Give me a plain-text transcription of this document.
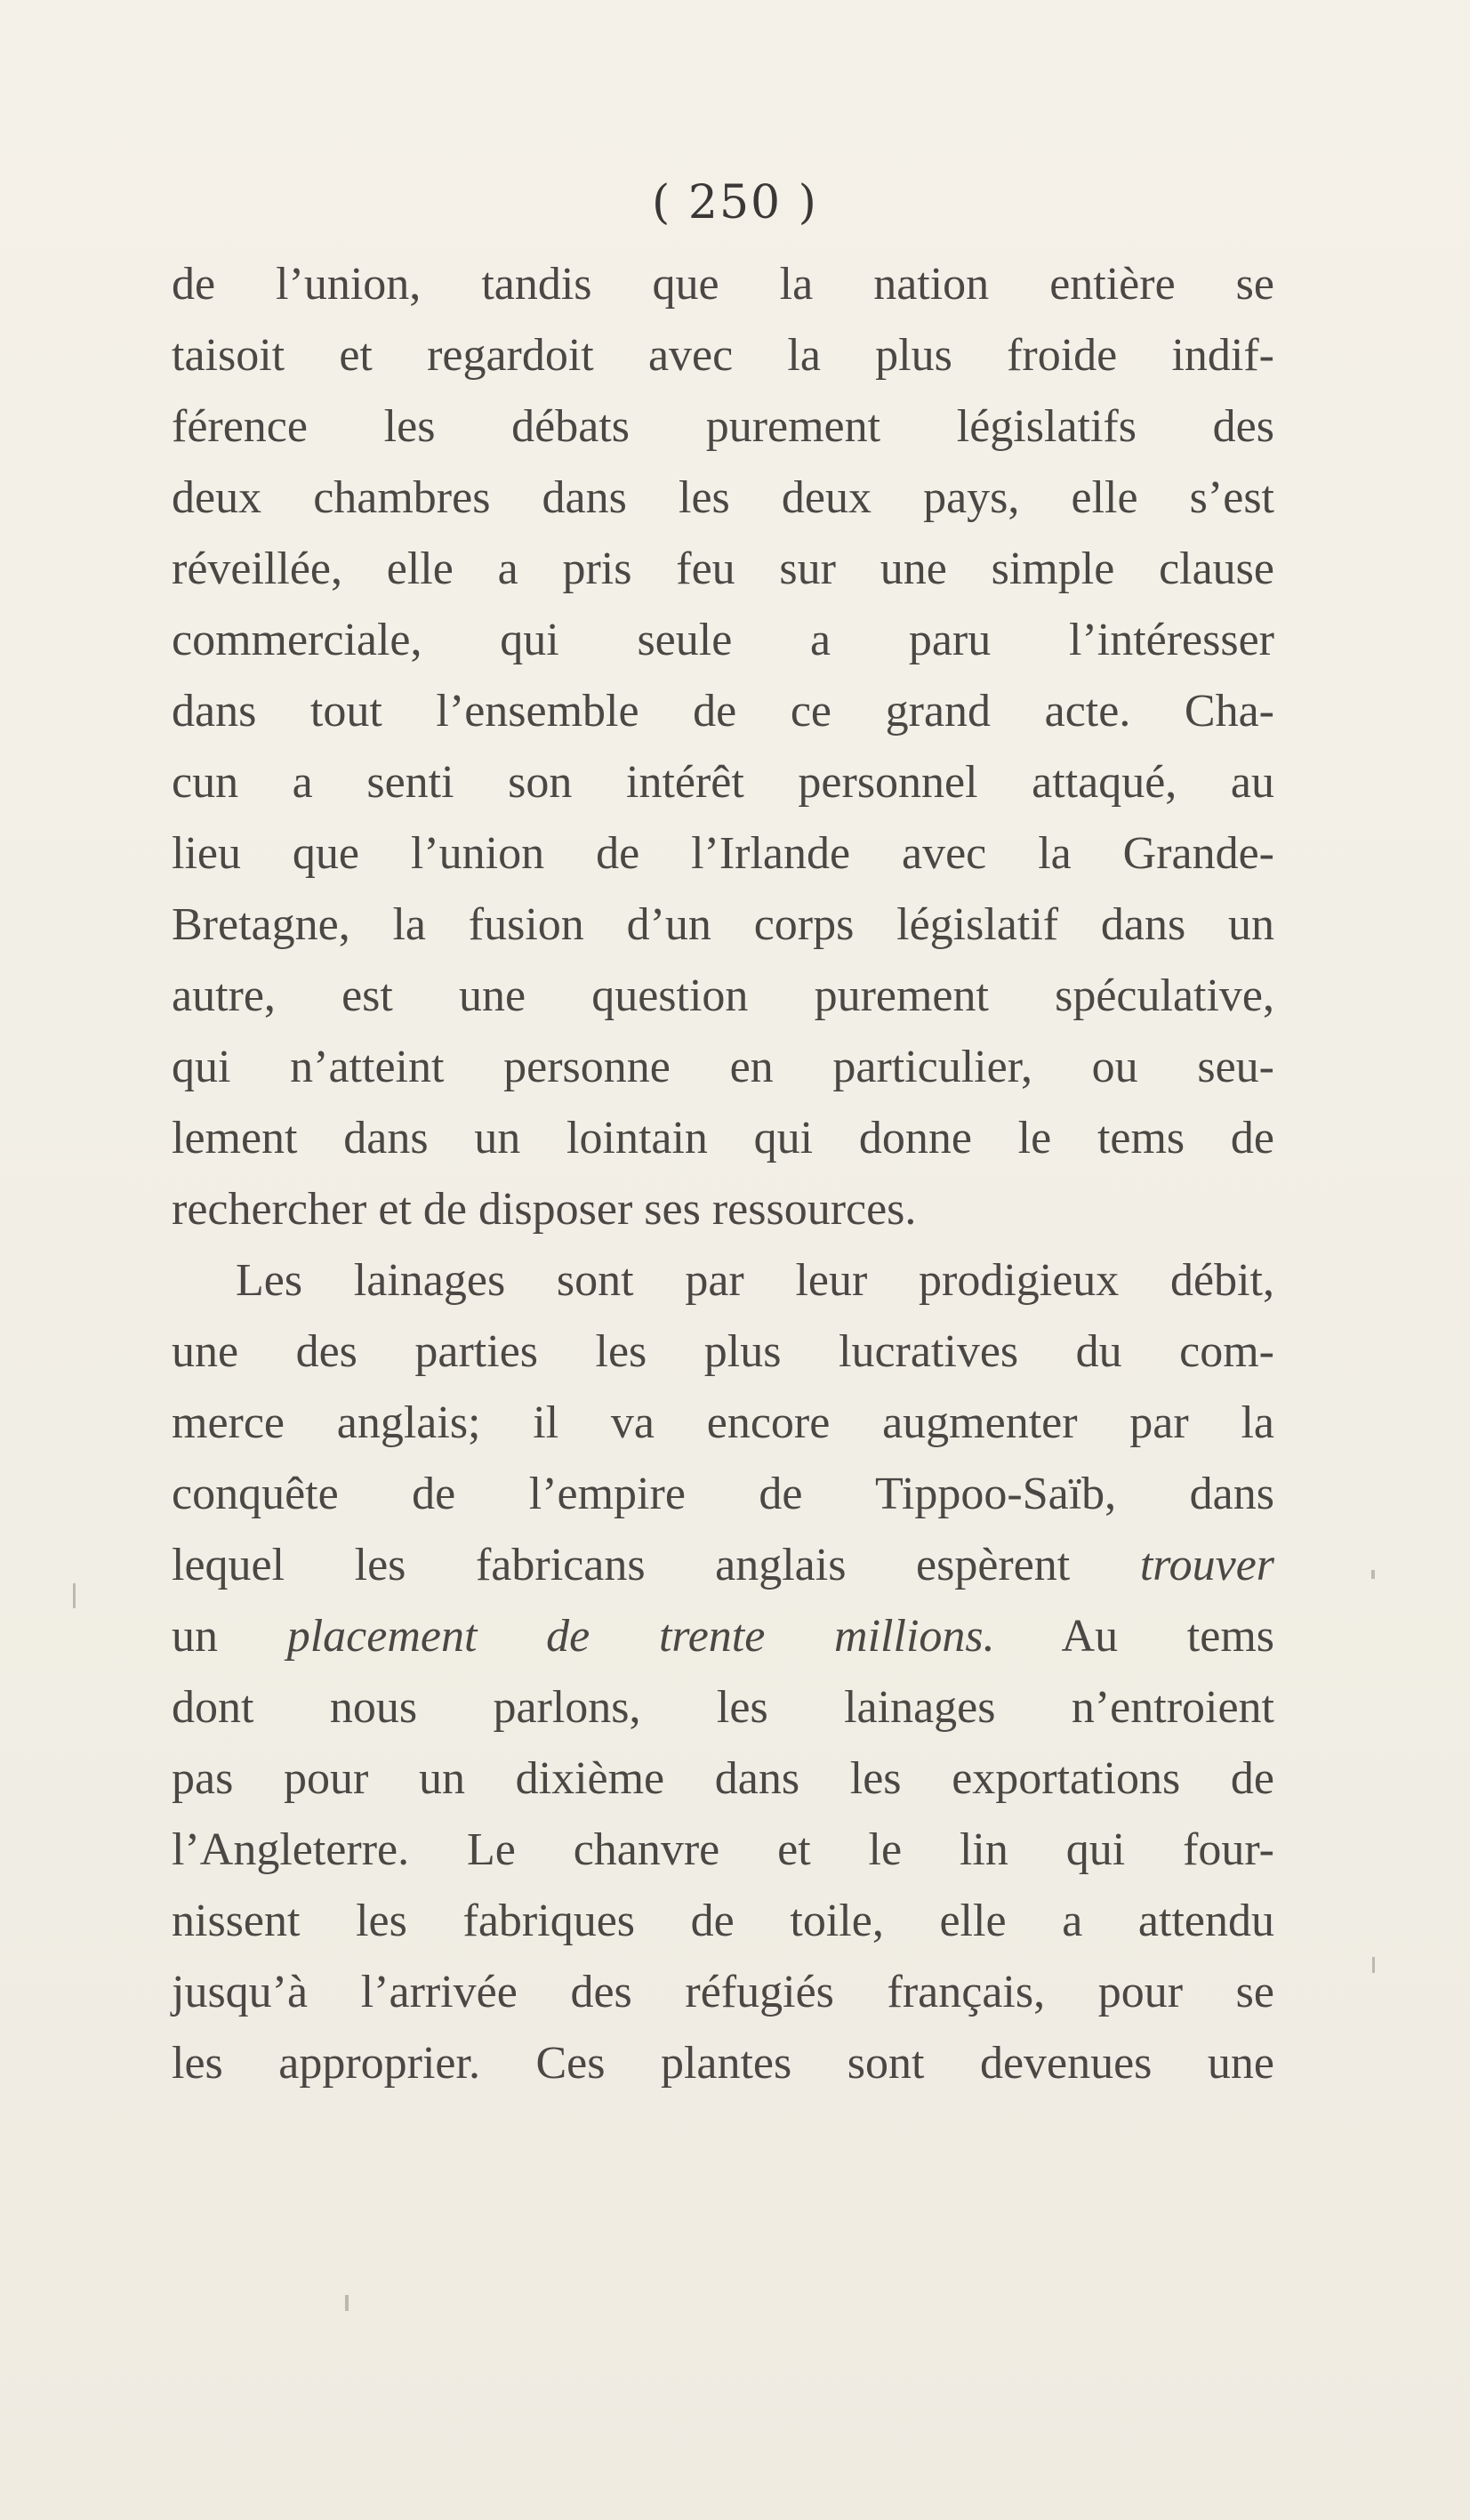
( 250 )
de l’union, tandis que la nation entière se
taisoit et regardoit avec la plus froide indif-
férence les débats purement législatifs des
deux chambres dans les deux pays, elle s’est
réveillée, elle a pris feu sur une simple clause
commerciale, qui seule a paru l’intéresser
dans tout l’ensemble de ce grand acte. Cha-
cun a senti son intérêt personnel attaqué, au
lieu que l’union de l’Irlande avec la Grande-
Bretagne, la fusion d’un corps législatif dans un
autre, est une question purement spéculative,
qui n’atteint personne en particulier, ou seu-
lement dans un lointain qui donne le tems de
rechercher et de disposer ses ressources.
Les lainages sont par leur prodigieux débit,
une des parties les plus lucratives du com-
merce anglais; il va encore augmenter par la
conquête de l’empire de Tippoo-Saïb, dans
lequel les fabricans anglais espèrent trouver
un placement de trente millions. Au tems
dont nous parlons, les lainages n’entroient
pas pour un dixième dans les exportations de
l’Angleterre. Le chanvre et le lin qui four-
nissent les fabriques de toile, elle a attendu
jusqu’à l’arrivée des réfugiés français, pour se
les approprier. Ces plantes sont devenues une
